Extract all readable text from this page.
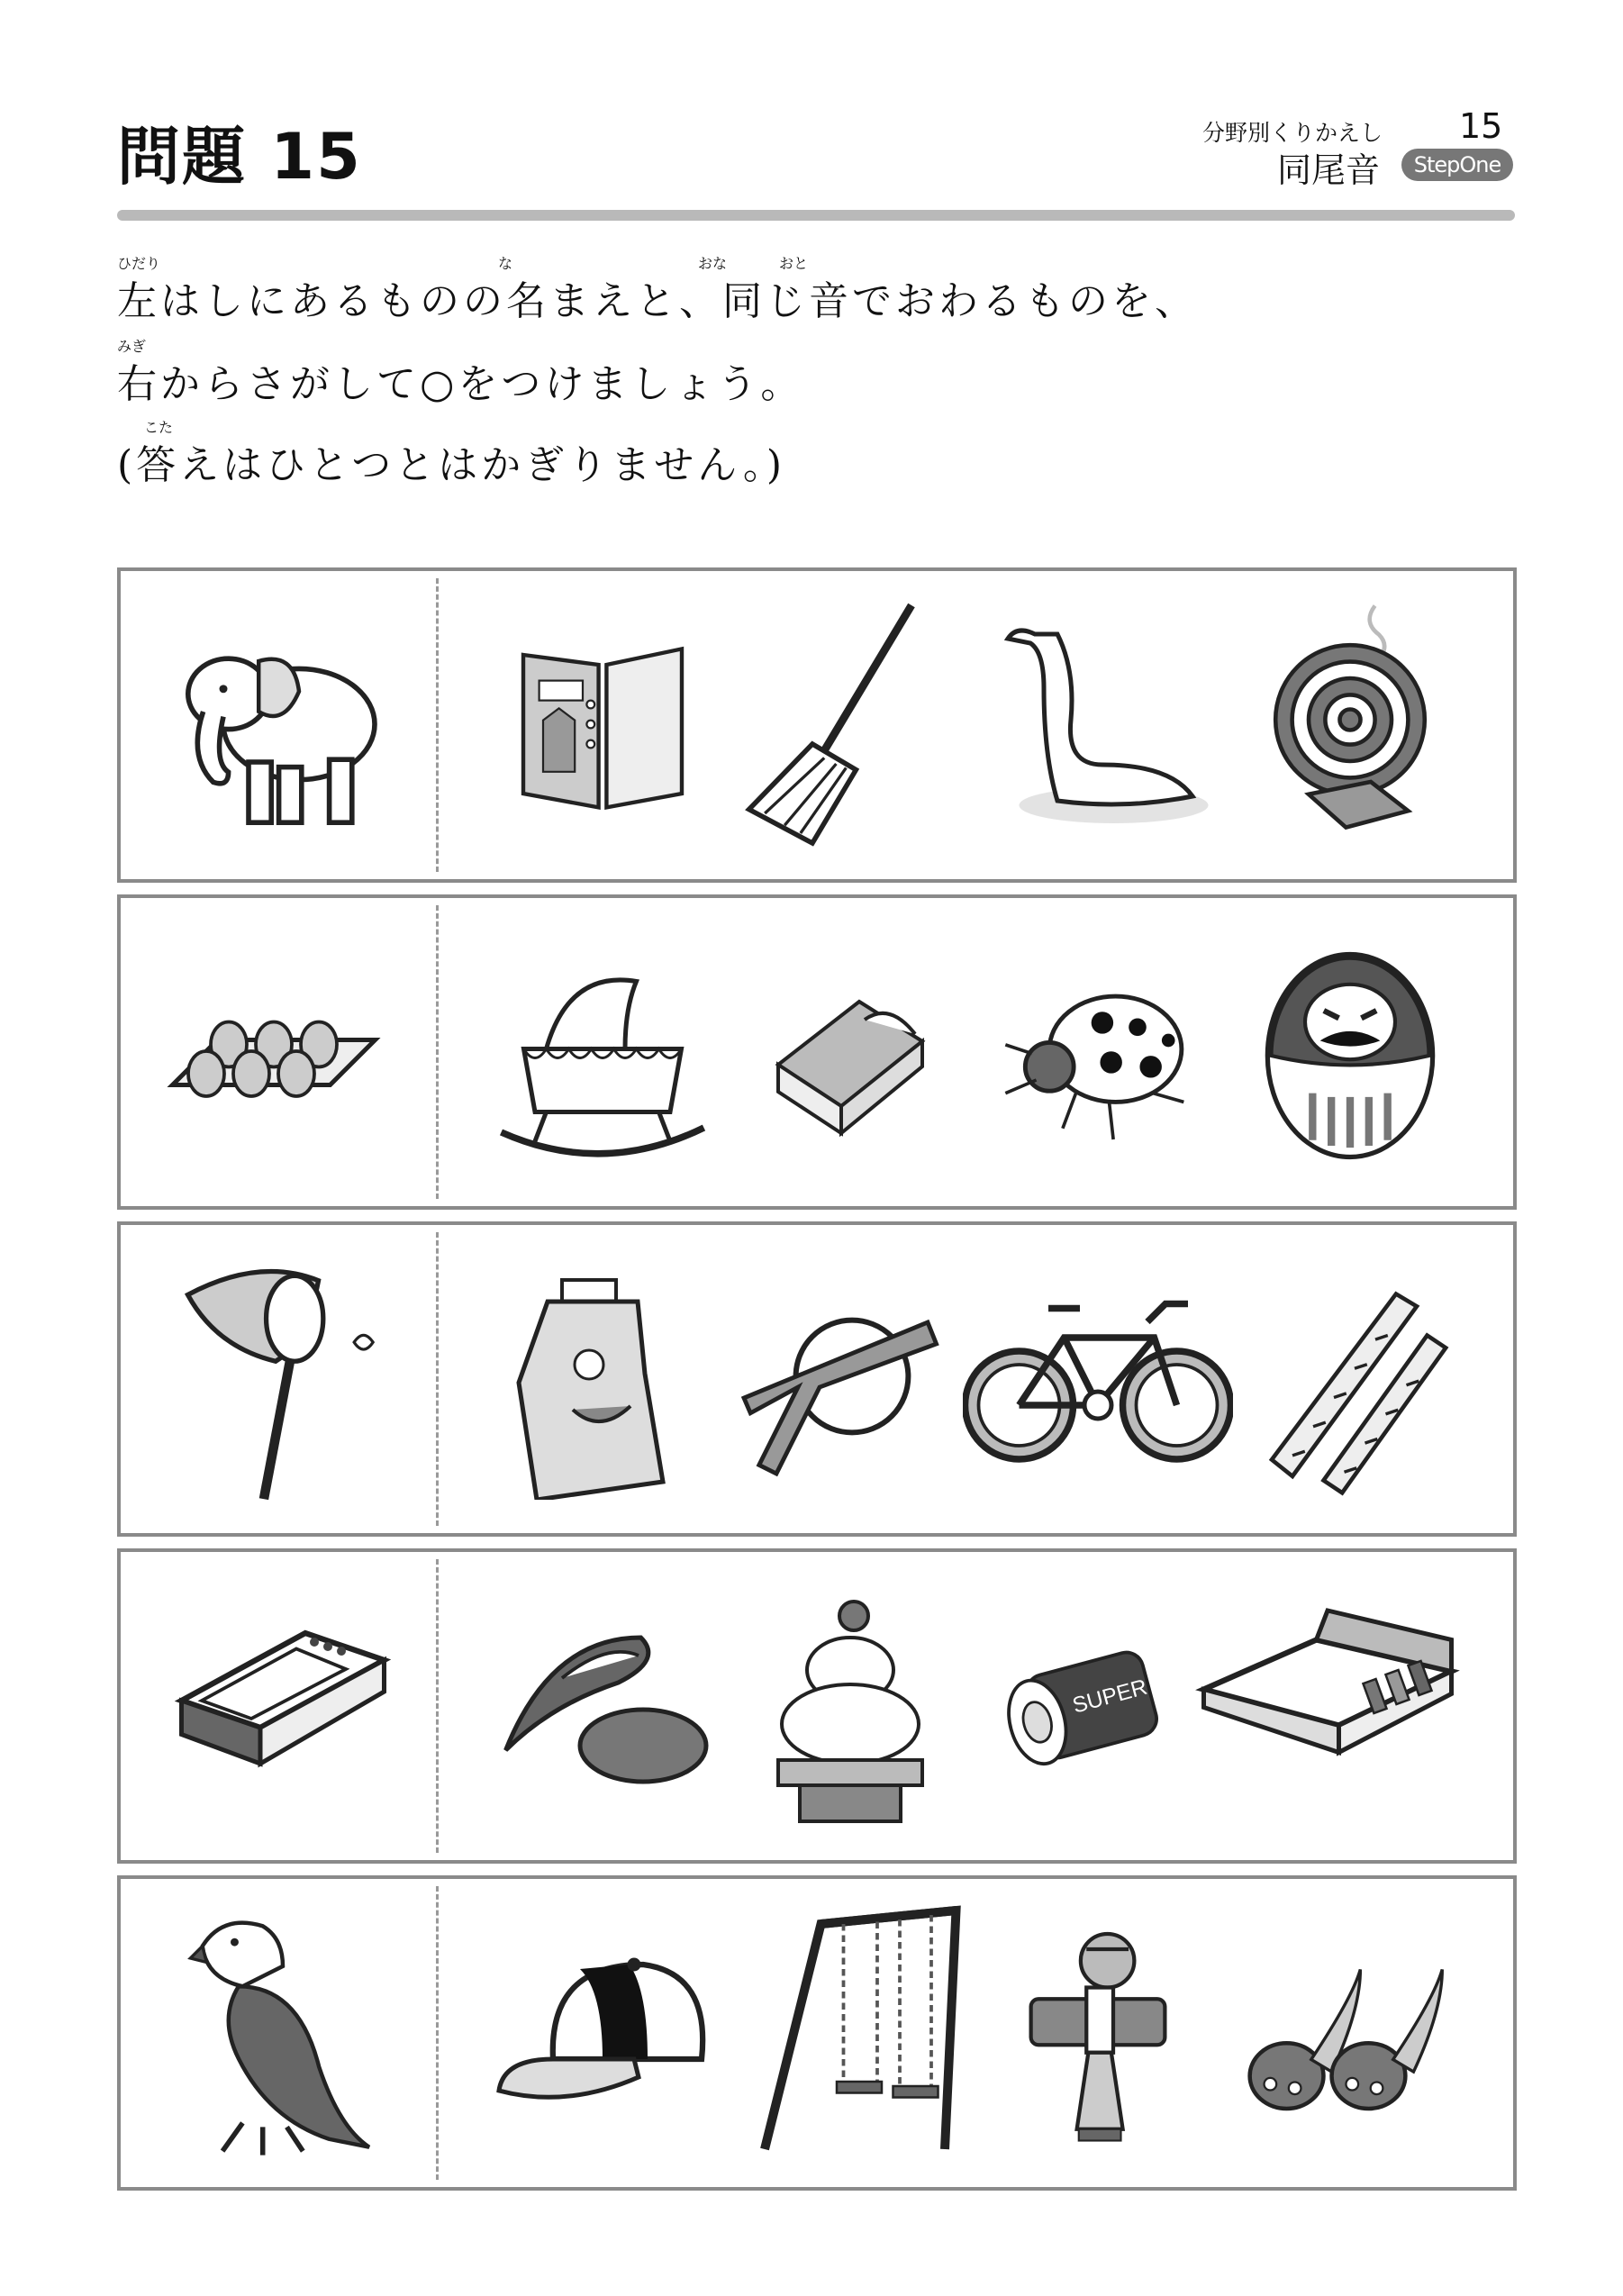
問題 15	分野別くりかえし 15
同尾音	StepOne
ひだり	な	おな	おと
左はしにあるものの名まえと、同じ音でおわるものを、
みぎ
右からさがして○をつけましょう。
こた
(答えはひとつとはかぎりません。)
SUPER
